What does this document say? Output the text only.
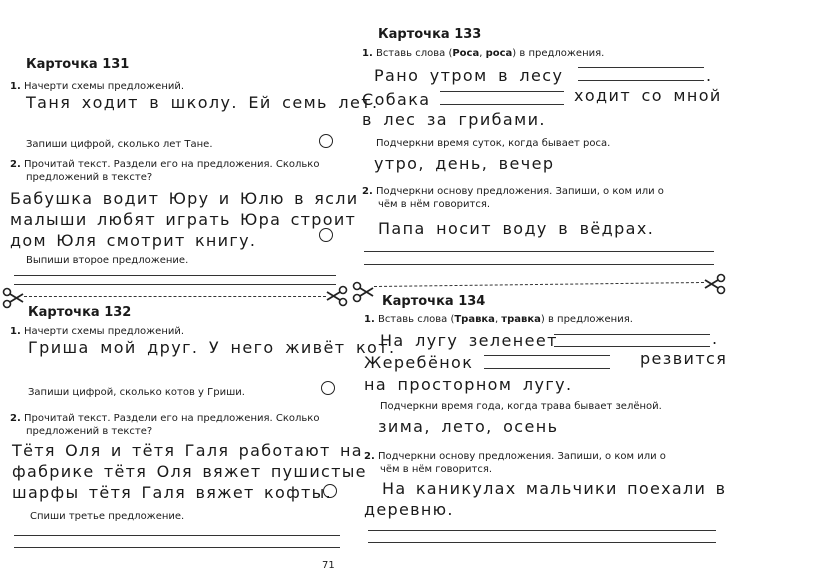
Карточка 131
1. Начерти схемы предложений.
Таня ходит в школу. Ей семь лет.
Запиши цифрой, сколько лет Тане.
2. Прочитай текст. Раздели его на предложения. Сколько
предложений в тексте?
Бабушка водит Юру и Юлю в ясли
малыши любят играть Юра строит
дом Юля смотрит книгу.
Выпиши второе предложение.
Карточка 132
1. Начерти схемы предложений.
Гриша мой друг. У него живёт кот.
Запиши цифрой, сколько котов у Гриши.
2. Прочитай текст. Раздели его на предложения. Сколько
предложений в тексте?
Тётя Оля и тётя Галя работают на
фабрике тётя Оля вяжет пушистые
шарфы тётя Галя вяжет кофты.
Спиши третье предложение.
71
Карточка 133
1. Вставь слова (Роса, роса) в предложения.
Рано утром в лесу	.
Собака	ходит со мной
в лес за грибами.
Подчеркни время суток, когда бывает роса.
утро, день, вечер
2. Подчеркни основу предложения. Запиши, о ком или о
чём в нём говорится.
Папа носит воду в вёдрах.
Карточка 134
1. Вставь слова (Травка, травка) в предложения.
На лугу зеленеет	.
Жеребёнок	резвится
на просторном лугу.
Подчеркни время года, когда трава бывает зелёной.
зима, лето, осень
2. Подчеркни основу предложения. Запиши, о ком или о
чём в нём говорится.
На каникулах мальчики поехали в
деревню.
